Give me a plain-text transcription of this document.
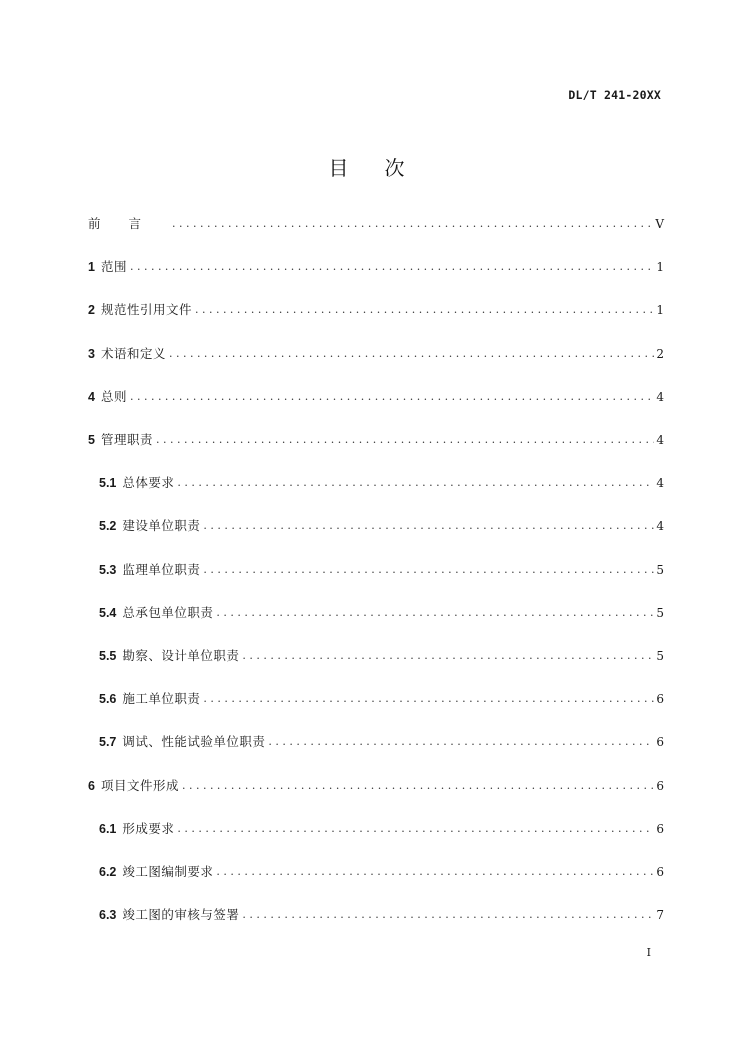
DL/T 241-20XX
目次
前言 . . .	V
1 范围 . . .	1
2 规范性引用文件 . . .	1
3 术语和定义 . . .	2
4 总则 . . .	4
5 管理职责 . . .	4
5.1 总体要求 . . .	4
5.2 建设单位职责 . . .	4
5.3 监理单位职责 . . .	5
5.4 总承包单位职责 . . .	5
5.5 勘察、设计单位职责 . . .	5
5.6 施工单位职责 . . .	6
5.7 调试、性能试验单位职责 . . .	6
6 项目文件形成 . . .	6
6.1 形成要求 . . .	6
6.2 竣工图编制要求 . . .	6
6.3 竣工图的审核与签署 . . .	7
I
